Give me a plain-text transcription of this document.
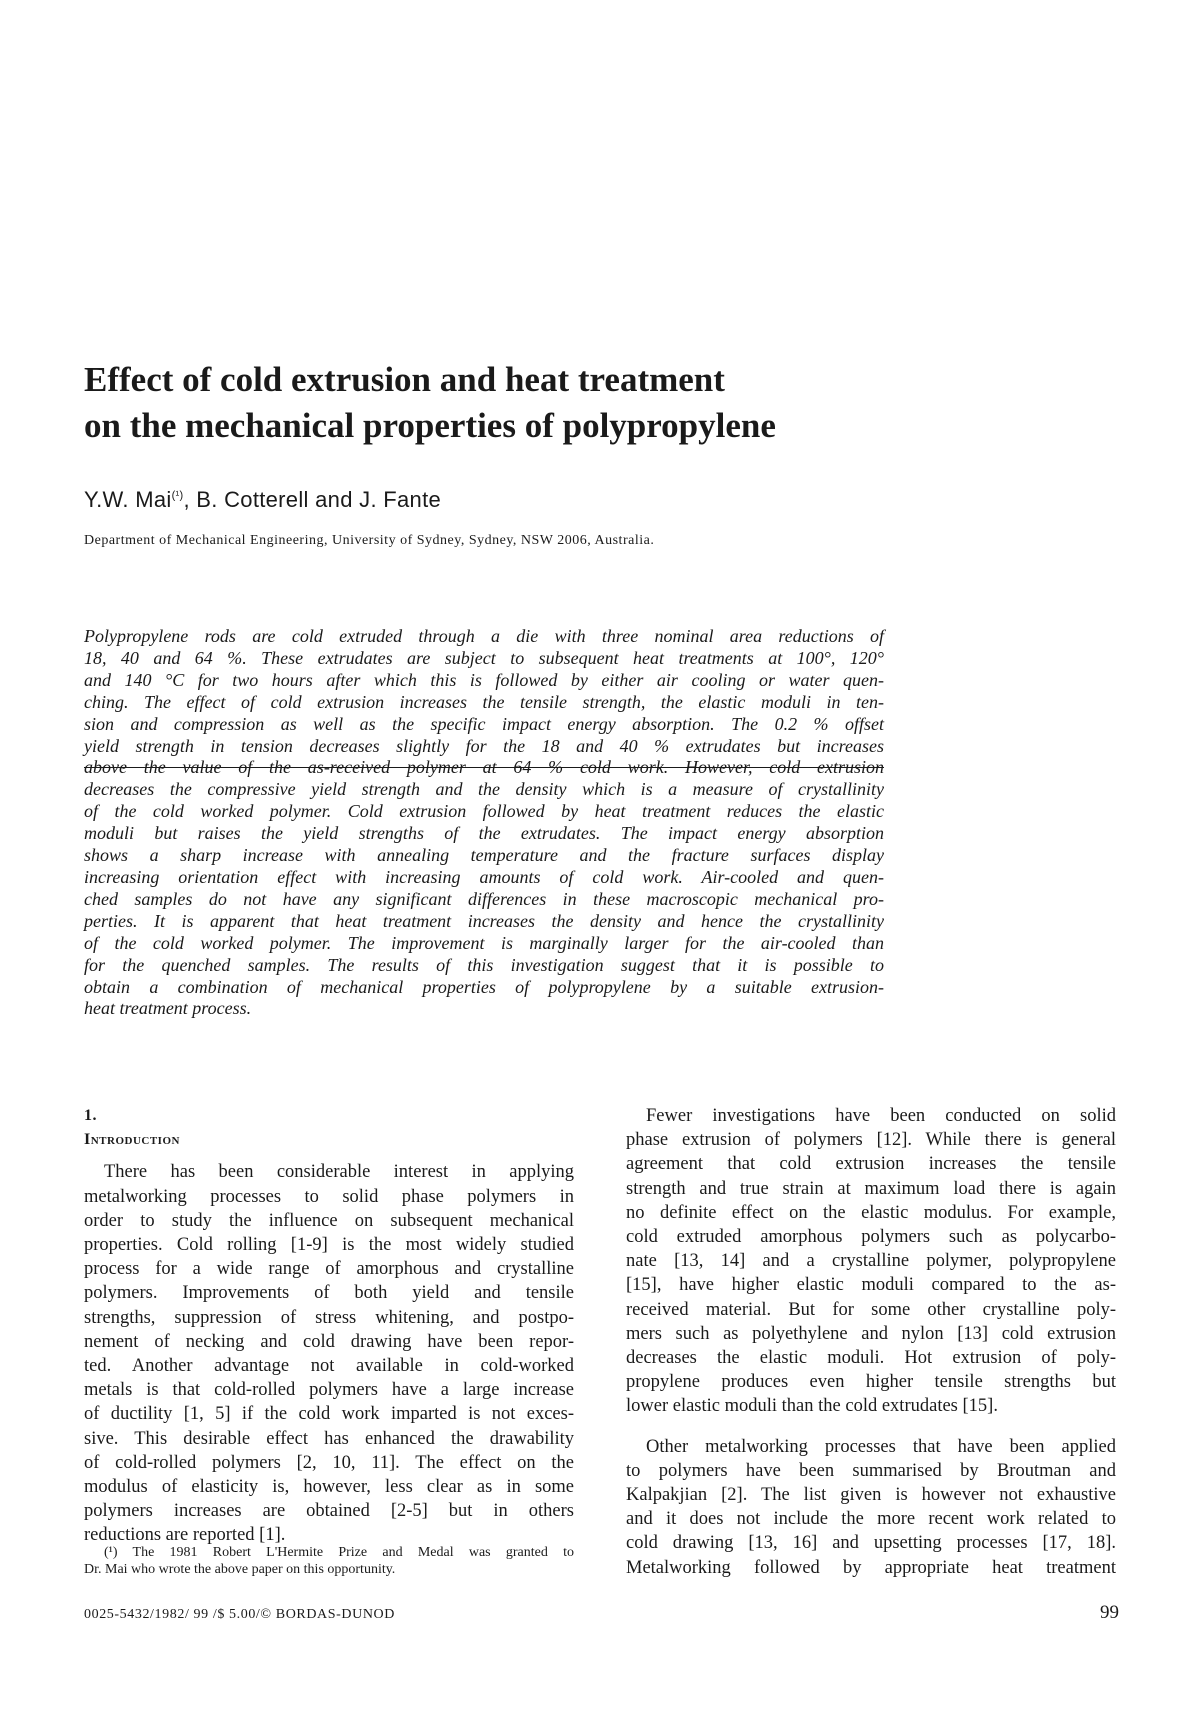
Effect of cold extrusion and heat treatment
on the mechanical properties of polypropylene
Y.W. Mai$^{(^1)}$, B. Cotterell and J. Fante
Department of Mechanical Engineering, University of Sydney, Sydney, NSW 2006, Australia.
Polypropylene rods are cold extruded through a die with three nominal area reductions of
18, 40 and 64 %. These extrudates are subject to subsequent heat treatments at 100°, 120°
and 140 °C for two hours after which this is followed by either air cooling or water quen-
ching. The effect of cold extrusion increases the tensile strength, the elastic moduli in ten-
sion and compression as well as the specific impact energy absorption. The 0.2 % offset
yield strength in tension decreases slightly for the 18 and 40 % extrudates but increases
above the value of the as-received polymer at 64 % cold work. However, cold extrusion
decreases the compressive yield strength and the density which is a measure of crystallinity
of the cold worked polymer. Cold extrusion followed by heat treatment reduces the elastic
moduli but raises the yield strengths of the extrudates. The impact energy absorption
shows a sharp increase with annealing temperature and the fracture surfaces display
increasing orientation effect with increasing amounts of cold work. Air-cooled and quen-
ched samples do not have any significant differences in these macroscopic mechanical pro-
perties. It is apparent that heat treatment increases the density and hence the crystallinity
of the cold worked polymer. The improvement is marginally larger for the air-cooled than
for the quenched samples. The results of this investigation suggest that it is possible to
obtain a combination of mechanical properties of polypropylene by a suitable extrusion-
heat treatment process.
1.
Introduction

There has been considerable interest in applying
metalworking processes to solid phase polymers in
order to study the influence on subsequent mechanical
properties. Cold rolling [1-9] is the most widely studied
process for a wide range of amorphous and crystalline
polymers. Improvements of both yield and tensile
strengths, suppression of stress whitening, and postpo-
nement of necking and cold drawing have been repor-
ted. Another advantage not available in cold-worked
metals is that cold-rolled polymers have a large increase
of ductility [1, 5] if the cold work imparted is not exces-
sive. This desirable effect has enhanced the drawability
of cold-rolled polymers [2, 10, 11]. The effect on the
modulus of elasticity is, however, less clear as in some
polymers increases are obtained [2-5] but in others
reductions are reported [1].

(¹) The 1981 Robert L'Hermite Prize and Medal was granted to
Dr. Mai who wrote the above paper on this opportunity.

Fewer investigations have been conducted on solid
phase extrusion of polymers [12]. While there is general
agreement that cold extrusion increases the tensile
strength and true strain at maximum load there is again
no definite effect on the elastic modulus. For example,
cold extruded amorphous polymers such as polycarbo-
nate [13, 14] and a crystalline polymer, polypropylene
[15], have higher elastic moduli compared to the as-
received material. But for some other crystalline poly-
mers such as polyethylene and nylon [13] cold extrusion
decreases the elastic moduli. Hot extrusion of poly-
propylene produces even higher tensile strengths but
lower elastic moduli than the cold extrudates [15].

Other metalworking processes that have been applied
to polymers have been summarised by Broutman and
Kalpakjian [2]. The list given is however not exhaustive
and it does not include the more recent work related to
cold drawing [13, 16] and upsetting processes [17, 18].
Metalworking followed by appropriate heat treatment

0025-5432/1982/ 99 /$ 5.00/© BORDAS-DUNOD	99
